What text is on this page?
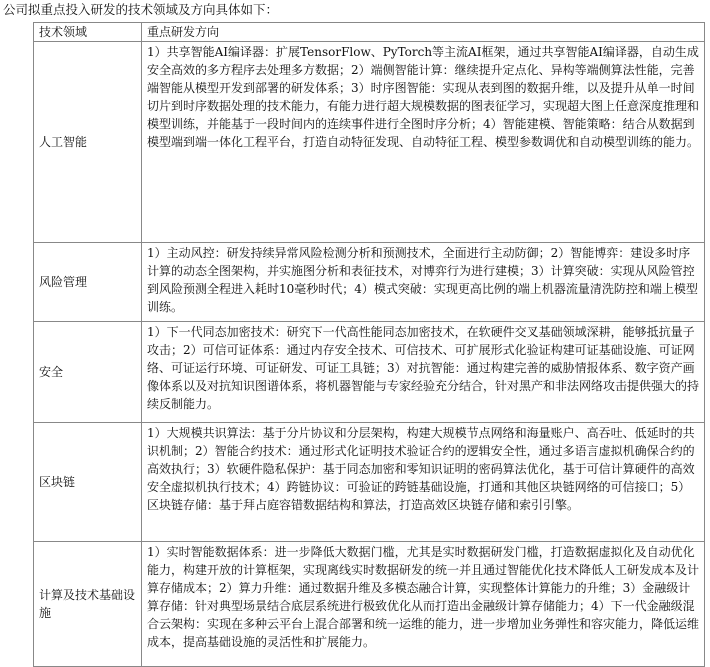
公司拟重点投入研发的技术领域及方向具体如下：
技术领域	重点研发方向
人工智能	1）共享智能AI编译器：扩展TensorFlow、PyTorch等主流AI框架，通过共享智能AI编译器，自动生成安全高效的多方程序去处理多方数据；2）端侧智能计算：继续提升定点化、异构等端侧算法性能，完善端智能从模型开发到部署的研发体系；3）时序图智能：实现从表到图的数据升维，以及提升从单一时间切片到时序数据处理的技术能力，有能力进行超大规模数据的图表征学习，实现超大图上任意深度推理和模型训练，并能基于一段时间内的连续事件进行全图时序分析；4）智能建模、智能策略：结合从数据到模型端到端一体化工程平台，打造自动特征发现、自动特征工程、模型参数调优和自动模型训练的能力。
风险管理	1）主动风控：研发持续异常风险检测分析和预测技术，全面进行主动防御；2）智能博弈：建设多时序计算的动态全图架构，并实施图分析和表征技术，对博弈行为进行建模；3）计算突破：实现从风险管控到风险预测全程进入耗时10毫秒时代；4）模式突破：实现更高比例的端上机器流量清洗防控和端上模型训练。
安全	1）下一代同态加密技术：研究下一代高性能同态加密技术，在软硬件交叉基础领域深耕，能够抵抗量子攻击；2）可信可证体系：通过内存安全技术、可信技术、可扩展形式化验证构建可证基础设施、可证网络、可证运行环境、可证研发、可证工具链；3）对抗智能：通过构建完善的威胁情报体系、数字资产画像体系以及对抗知识图谱体系，将机器智能与专家经验充分结合，针对黑产和非法网络攻击提供强大的持续反制能力。
区块链	1）大规模共识算法：基于分片协议和分层架构，构建大规模节点网络和海量账户、高吞吐、低延时的共识机制；2）智能合约技术：通过形式化证明技术验证合约的逻辑安全性，通过多语言虚拟机确保合约的高效执行；3）软硬件隐私保护：基于同态加密和零知识证明的密码算法优化，基于可信计算硬件的高效安全虚拟机执行技术；4）跨链协议：可验证的跨链基础设施，打通和其他区块链网络的可信接口；5）区块链存储：基于拜占庭容错数据结构和算法，打造高效区块链存储和索引引擎。
计算及技术基础设施	1）实时智能数据体系：进一步降低大数据门槛，尤其是实时数据研发门槛，打造数据虚拟化及自动优化能力，构建开放的计算框架，实现离线实时数据研发的统一并且通过智能优化技术降低人工研发成本及计算存储成本；2）算力升维：通过数据升维及多模态融合计算，实现整体计算能力的升维；3）金融级计算存储：针对典型场景结合底层系统进行极致优化从而打造出金融级计算存储能力；4）下一代金融级混合云架构：实现在多种云平台上混合部署和统一运维的能力，进一步增加业务弹性和容灾能力，降低运维成本，提高基础设施的灵活性和扩展能力。
